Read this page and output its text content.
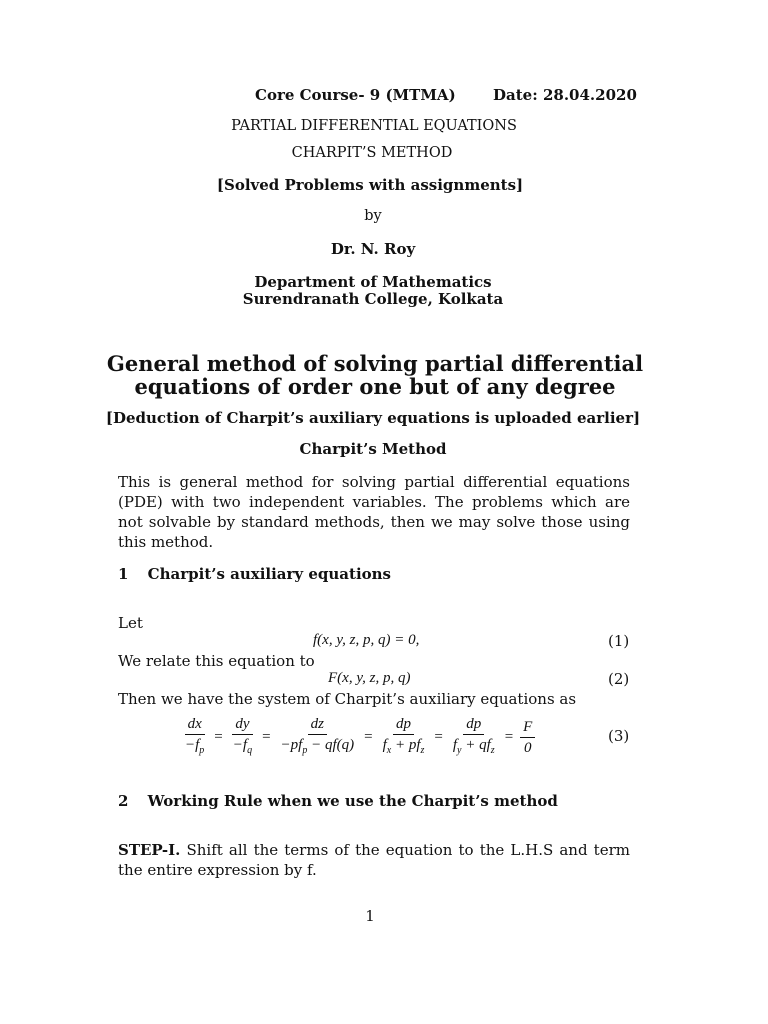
Core Course- 9 (MTMA) Date: 28.04.2020
PARTIAL DIFFERENTIAL EQUATIONS
CHARPIT’S METHOD
[Solved Problems with assignments]
by
Dr. N. Roy
Department of Mathematics
Surendranath College, Kolkata
General method of solving partial differential
equations of order one but of any degree
[Deduction of Charpit’s auxiliary equations is uploaded earlier]
Charpit’s Method
This is general method for solving partial differential equations (PDE) with two independent variables. The problems which are not solvable by standard methods, then we may solve those using this method.
1 Charpit’s auxiliary equations
Let
f(x, y, z, p, q) = 0,	(1)
We relate this equation to
F(x, y, z, p, q)	(2)
Then we have the system of Charpit’s auxiliary equations as
$\frac{dx}{-f_p} = \frac{dy}{-f_q} = \frac{dz}{-pf_p - qf(q)} = \frac{dp}{f_x + pf_z} = \frac{dp}{f_y + qf_z} = \frac{F}{0}$	(3)
2 Working Rule when we use the Charpit’s method
STEP-I. Shift all the terms of the equation to the L.H.S and term the entire expression by f.
1
